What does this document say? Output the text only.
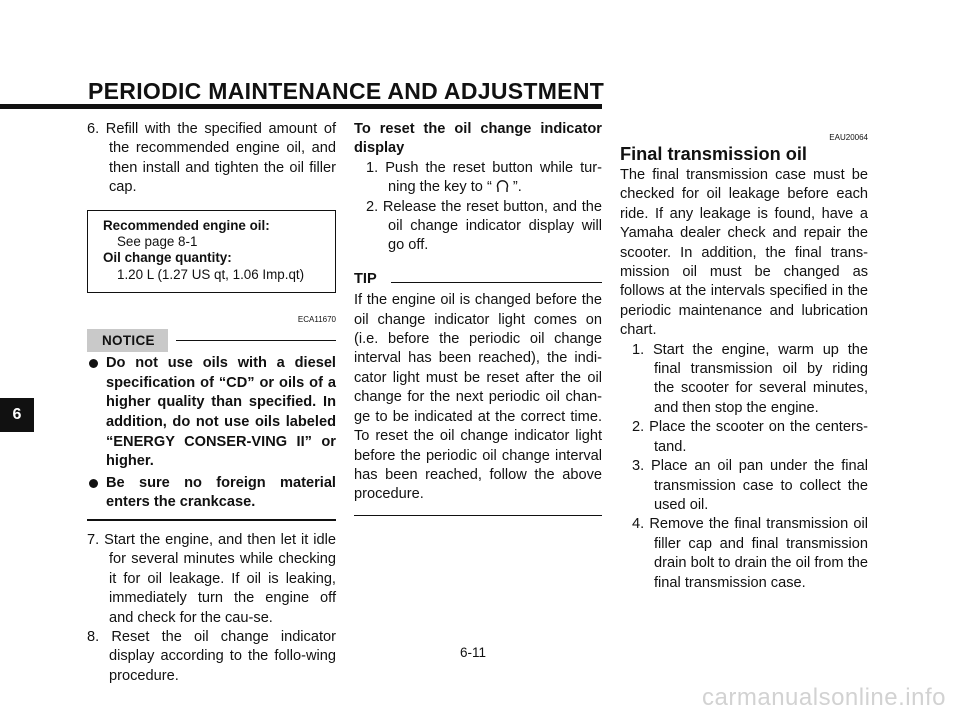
PERIODIC MAINTENANCE AND ADJUSTMENT
6

6. Refill with the specified amount of the recommended engine oil, and then install and tighten the oil filler cap.

Recommended engine oil:
See page 8-1
Oil change quantity:
1.20 L (1.27 US qt, 1.06 Imp.qt)
ECA11670
NOTICE

Do not use oils with a diesel specification of “CD” or oils of a higher quality than specified. In addition, do not use oils labeled “ENERGY CONSER-VING II” or higher.

Be sure no foreign material enters the crankcase.

7. Start the engine, and then let it idle for several minutes while checking it for oil leakage. If oil is leaking, immediately turn the engine off and check for the cau-se.

8. Reset the oil change indicator display according to the follo-wing procedure.

To reset the oil change indicator display

1. Push the reset button while tur-ning the key to “ ”.

2. Release the reset button, and the oil change indicator display will go off.

TIP

If the engine oil is changed before the oil change indicator light comes on (i.e. before the periodic oil change interval has been reached), the indi-cator light must be reset after the oil change for the next periodic oil chan-ge to be indicated at the correct time. To reset the oil change indicator light before the periodic oil change interval has been reached, follow the above procedure.

EAU20064

Final transmission oil

The final transmission case must be checked for oil leakage before each ride. If any leakage is found, have a Yamaha dealer check and repair the scooter. In addition, the final trans-mission oil must be changed as follows at the intervals specified in the periodic maintenance and lubrication chart.

1. Start the engine, warm up the final transmission oil by riding the scooter for several minutes, and then stop the engine.

2. Place the scooter on the centers-tand.

3. Place an oil pan under the final transmission case to collect the used oil.

4. Remove the final transmission oil filler cap and final transmission drain bolt to drain the oil from the final transmission case.

6-11
carmanualsonline.info
